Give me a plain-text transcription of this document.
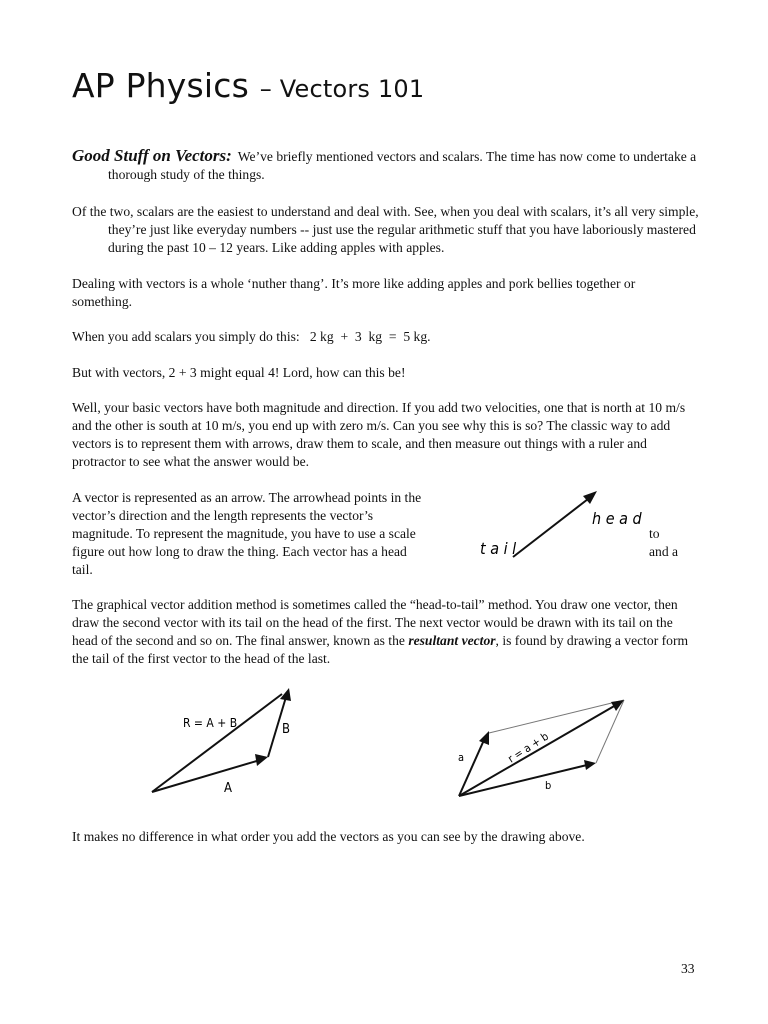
AP Physics – Vectors 101
Good Stuff on Vectors: We’ve briefly mentioned vectors and scalars. The time has now come to undertake a thorough study of the things.
Of the two, scalars are the easiest to understand and deal with. See, when you deal with scalars, it’s all very simple, they’re just like everyday numbers -- just use the regular arithmetic stuff that you have laboriously mastered during the past 10 – 12 years. Like adding apples with apples.
Dealing with vectors is a whole ‘nuther thang’. It’s more like adding apples and pork bellies together or something.
When you add scalars you simply do this:   2 kg  +  3  kg  =  5 kg.
But with vectors, 2 + 3 might equal 4! Lord, how can this be!
Well, your basic vectors have both magnitude and direction. If you add two velocities, one that is north at 10 m/s and the other is south at 10 m/s, you end up with zero m/s. Can you see why this is so? The classic way to add vectors is to represent them with arrows, draw them to scale, and then measure out things with a ruler and protractor to see what the answer would be.
A vector is represented as an arrow. The arrowhead points in the
vector’s direction and the length represents the vector’s
magnitude. To represent the magnitude, you have to use a scale
figure out how long to draw the thing. Each vector has a head
tail.
to
and a
h e a d
t a i l
The graphical vector addition method is sometimes called the “head-to-tail” method. You draw one vector, then draw the second vector with its tail on the head of the first. The next vector would be drawn with its tail on the head of the second and so on. The final answer, known as the resultant vector, is found by drawing a vector form the tail of the first vector to the head of the last.
R = A + B
A
B
r = a + b
a
b
It makes no difference in what order you add the vectors as you can see by the drawing above.
33
